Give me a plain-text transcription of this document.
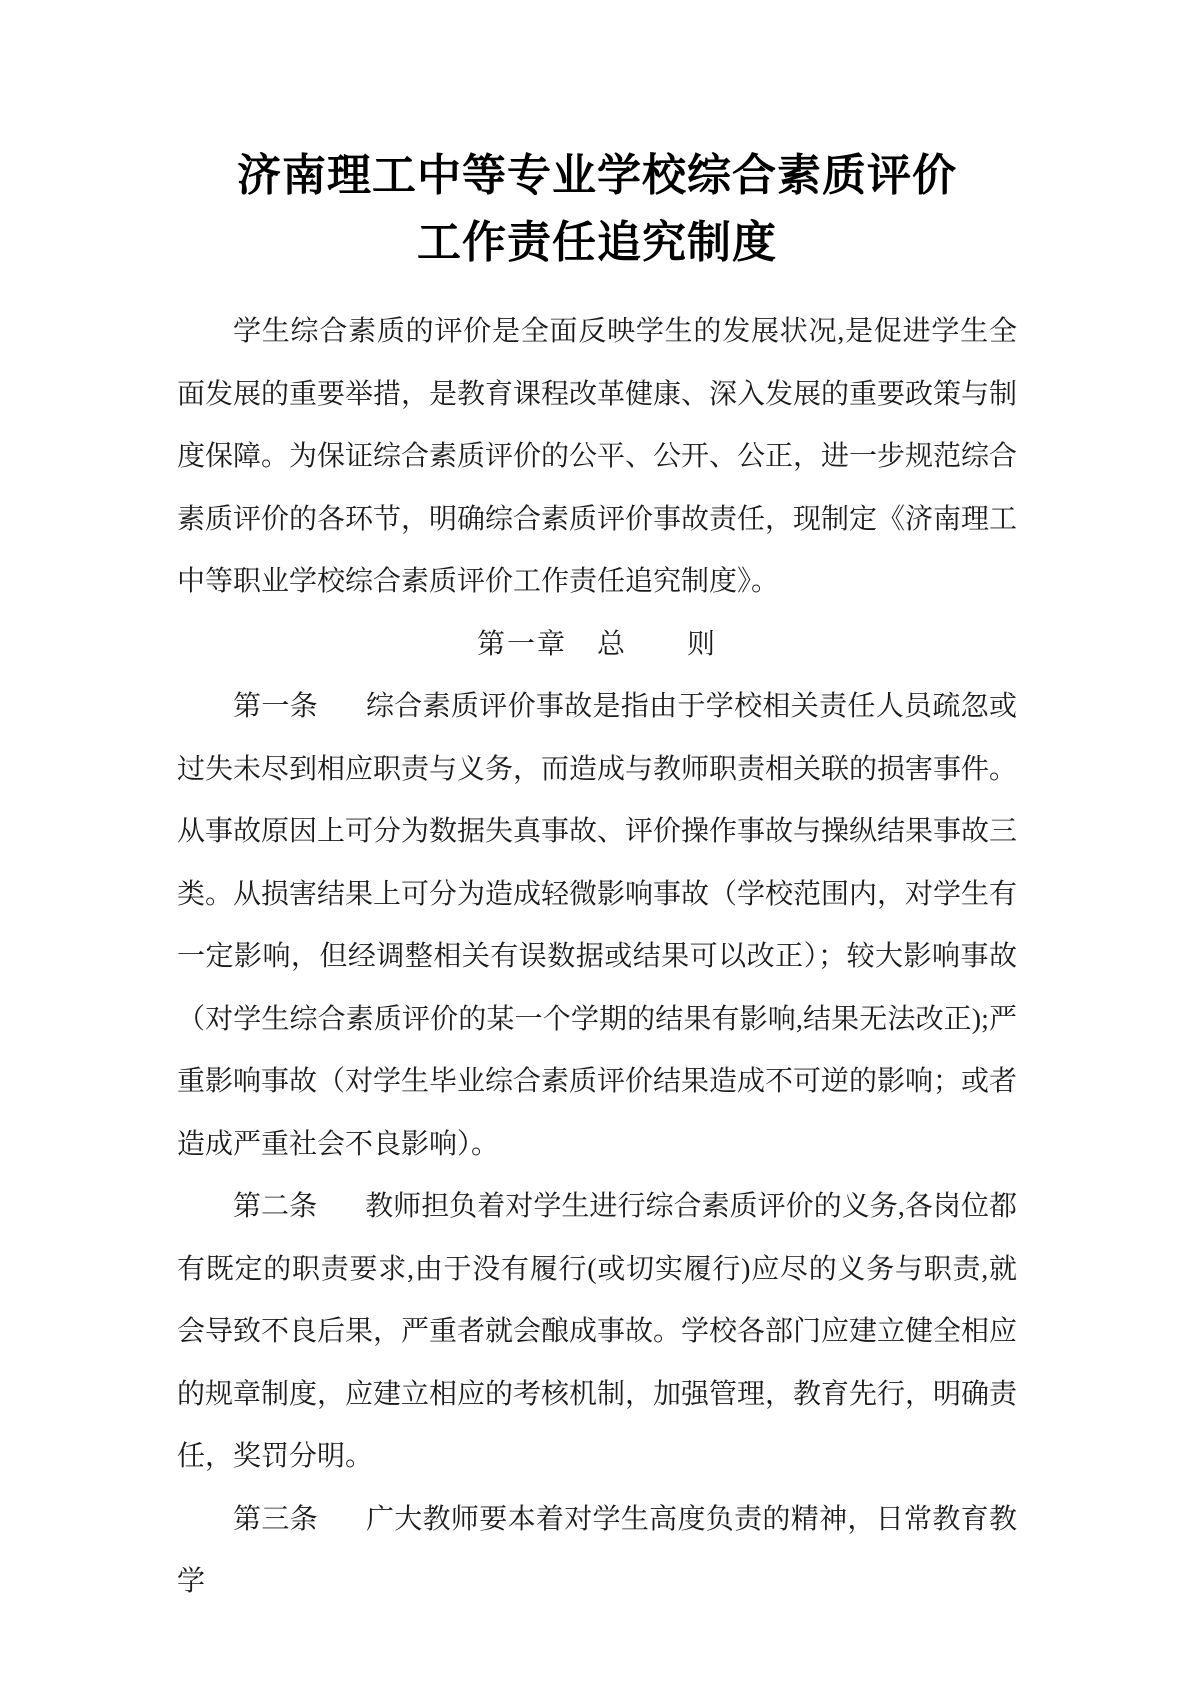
济南理工中等专业学校综合素质评价
工作责任追究制度

学生综合素质的评价是全面反映学生的发展状况,是促进学生全面发展的重要举措，是教育课程改革健康、深入发展的重要政策与制度保障。为保证综合素质评价的公平、公开、公正，进一步规范综合素质评价的各环节，明确综合素质评价事故责任，现制定《济南理工中等职业学校综合素质评价工作责任追究制度》。

第一章　总　　则

第一条 综合素质评价事故是指由于学校相关责任人员疏忽或过失未尽到相应职责与义务，而造成与教师职责相关联的损害事件。从事故原因上可分为数据失真事故、评价操作事故与操纵结果事故三类。从损害结果上可分为造成轻微影响事故（学校范围内，对学生有一定影响，但经调整相关有误数据或结果可以改正）；较大影响事故（对学生综合素质评价的某一个学期的结果有影响,结果无法改正);严重影响事故（对学生毕业综合素质评价结果造成不可逆的影响；或者造成严重社会不良影响）。

第二条 教师担负着对学生进行综合素质评价的义务,各岗位都有既定的职责要求,由于没有履行(或切实履行)应尽的义务与职责,就会导致不良后果，严重者就会酿成事故。学校各部门应建立健全相应的规章制度，应建立相应的考核机制，加强管理，教育先行，明确责任，奖罚分明。

第三条 广大教师要本着对学生高度负责的精神，日常教育教学
